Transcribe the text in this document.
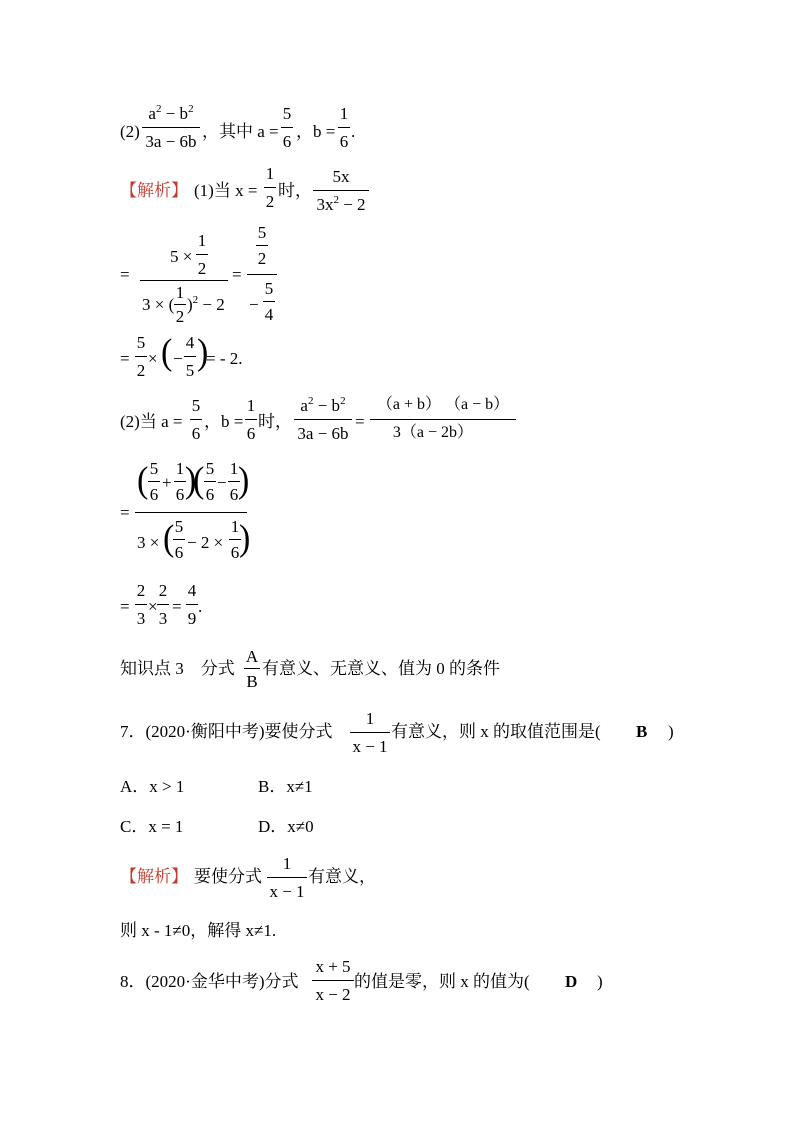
(2)
$a^2 - b^2$
3a − 6b
，其中 a =
5
6
，b =
1
6
.
【解析】 (1)当 x =
1
2
时，
5x
$3x^2 - 2$
=
5 ×
1
2
3 × (
1
2
)$^2$ − 2
=
5
2
−
5
4
=
5
2
× ( −
4
5 )
= - 2.
(2)当 a =
5
6
，b =
1
6
时，
$a^2 - b^2$
3a − 6b
=
（a + b） （a − b）
3（a − 2b）
=
( 5
6
+
1
6 )
( 5
6
−
1
6 )
3 × ( 5
6
− 2 ×
1
6 )
=
2
3
×
2
3
=
4
9
.
知识点 3　分式
A
B
有意义、无意义、值为 0 的条件
7．(2020·衡阳中考)要使分式
1
x − 1
有意义，则 x 的取值范围是( B )
A．x > 1	B．x≠1
C．x = 1	D．x≠0
【解析】 要使分式
1
x − 1
有意义，
则 x - 1≠0，解得 x≠1.
8．(2020·金华中考)分式
x + 5
x − 2
的值是零，则 x 的值为( D )
